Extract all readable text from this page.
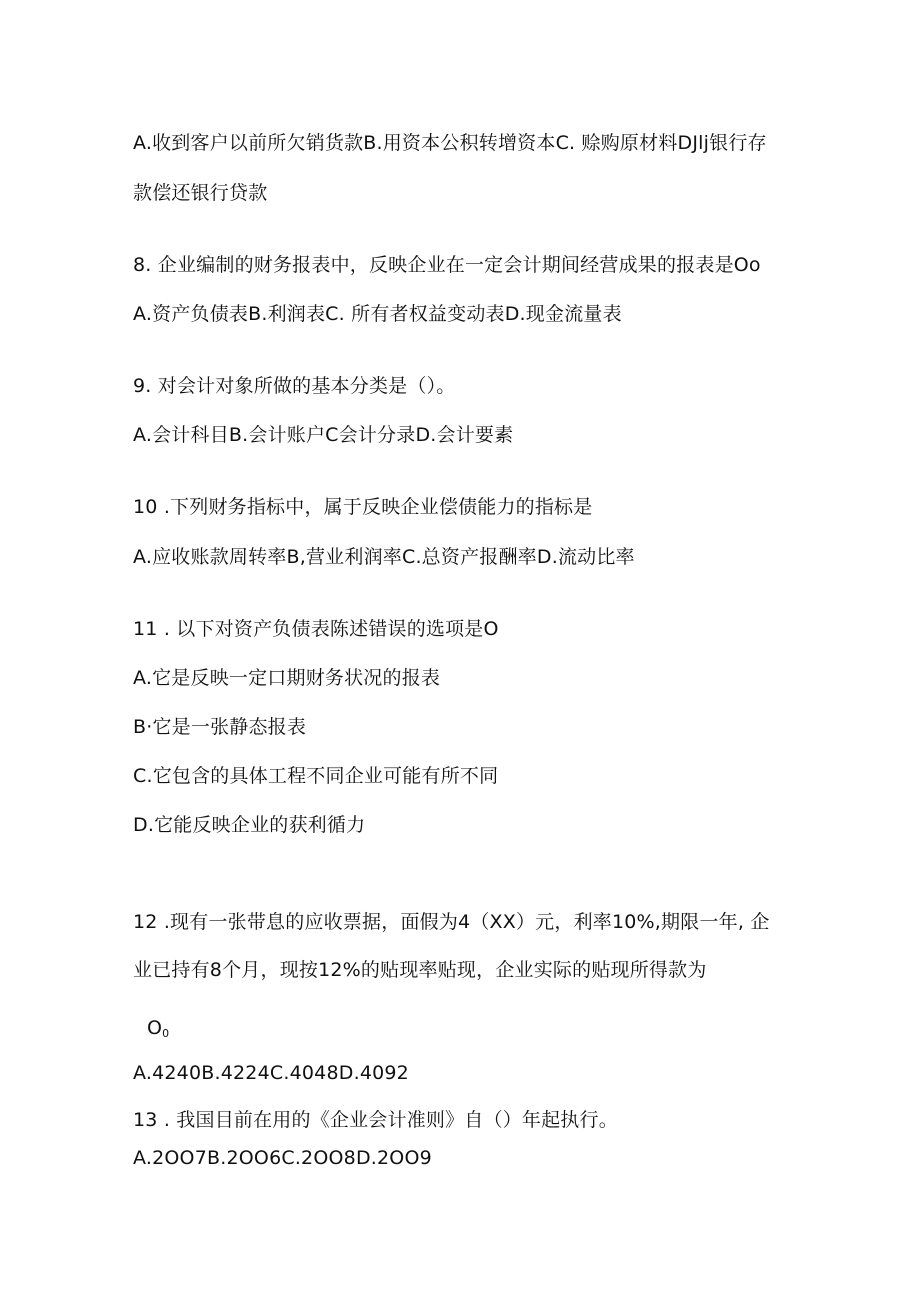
A.收到客户以前所欠销货款B.用资本公积转增资本C. 赊购原材料DJlj银行存
款偿还银行贷款
8. 企业编制的财务报表中，反映企业在一定会计期间经营成果的报表是Oo
A.资产负债表B.利润表C. 所有者权益变动表D.现金流量表
9. 对会计对象所做的基本分类是（）。
A.会计科目B.会计账户C会计分录D.会计要素
10 .下列财务指标中，属于反映企业偿债能力的指标是
A.应收账款周转率B,营业利润率C.总资产报酬率D.流动比率
11 . 以下对资产负债表陈述错误的选项是O
A.它是反映一定口期财务状况的报表
B·它是一张静态报表
C.它包含的具体工程不同企业可能有所不同
D.它能反映企业的获利循力
12 .现有一张带息的应收票据，面假为4（XX）元，利率10%,期限一年, 企
业已持有8个月，现按12%的贴现率贴现，企业实际的贴现所得款为
O0
A.4240B.4224C.4048D.4092
13 . 我国目前在用的《企业会计准则》自（）年起执行。
A.2OO7B.2OO6C.2OO8D.2OO9
